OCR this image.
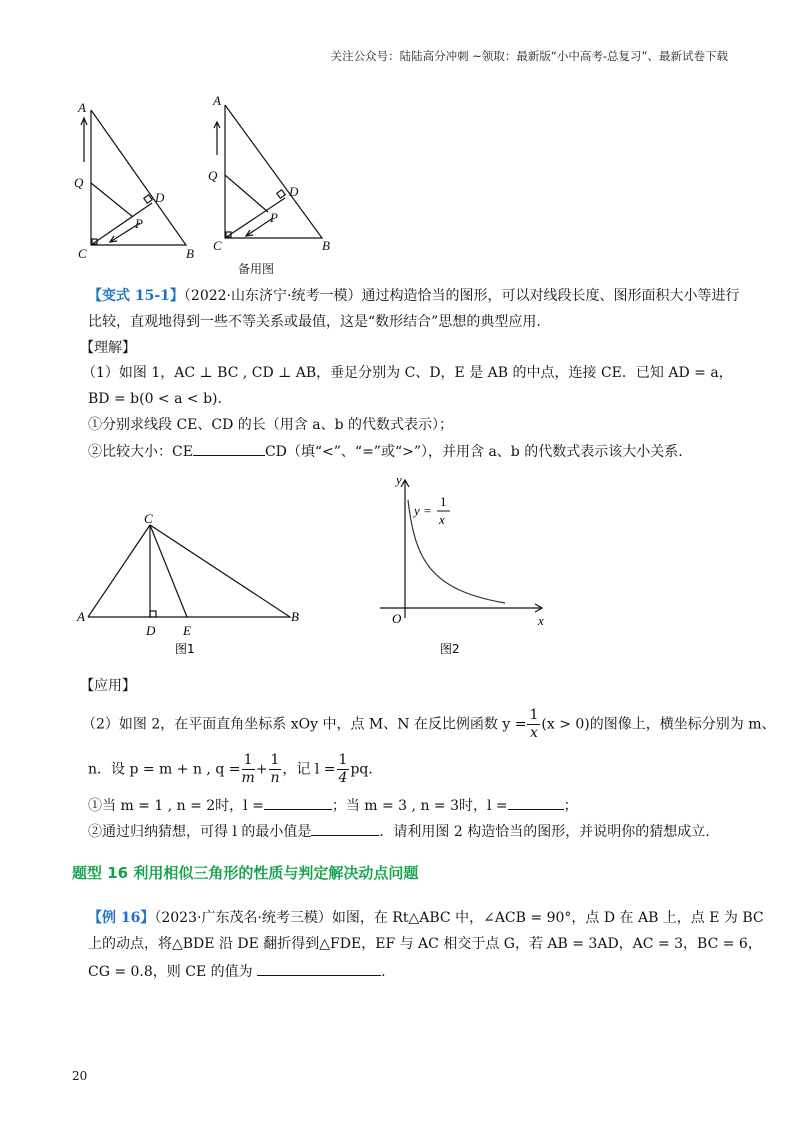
关注公众号：陆陆高分冲刺 ~领取：最新版“小中高考-总复习”、最新试卷下载
A
Q
D
P
C	B
A
Q
D
P
C	B
备用图
【变式 15-1】（2022·山东济宁·统考一模）通过构造恰当的图形，可以对线段长度、图形面积大小等进行
比较，直观地得到一些不等关系或最值，这是“数形结合”思想的典型应用.
【理解】
（1）如图 1，AC ⊥ BC , CD ⊥ AB，垂足分别为 C、D，E 是 AB 的中点，连接 CE．已知 AD = a，
BD = b(0 < a < b).
①分别求线段 CE、CD 的长（用含 a、b 的代数式表示）；
②比较大小：CE	CD（填“<”、“=”或“>”），并用含 a、b 的代数式表示该大小关系.
C
A
D E
B
图1
y
O	x
y =
1
x
图2
【应用】
（2）如图 2，在平面直角坐标系 xOy 中，点 M、N 在反比例函数 $y = \frac{1}{x} (x > 0)$的图像上，横坐标分别为 m、
n．设 p = m + n , $q = \frac{1}{m} + \frac{1}{n}$ ，记 $l = \frac{1}{4}$ pq.
①当 m = 1 , n = 2时，l =	；当 m = 3 , n = 3时，l =	；
②通过归纳猜想，可得 l 的最小值是	．请利用图 2 构造恰当的图形，并说明你的猜想成立.
题型 16 利用相似三角形的性质与判定解决动点问题
【例 16】（2023·广东茂名·统考三模）如图，在 Rt△ABC 中，∠ACB = 90°，点 D 在 AB 上，点 E 为 BC
上的动点，将△BDE 沿 DE 翻折得到△FDE，EF 与 AC 相交于点 G，若 AB = 3AD，AC = 3，BC = 6，
CG = 0.8，则 CE 的值为	.
20
